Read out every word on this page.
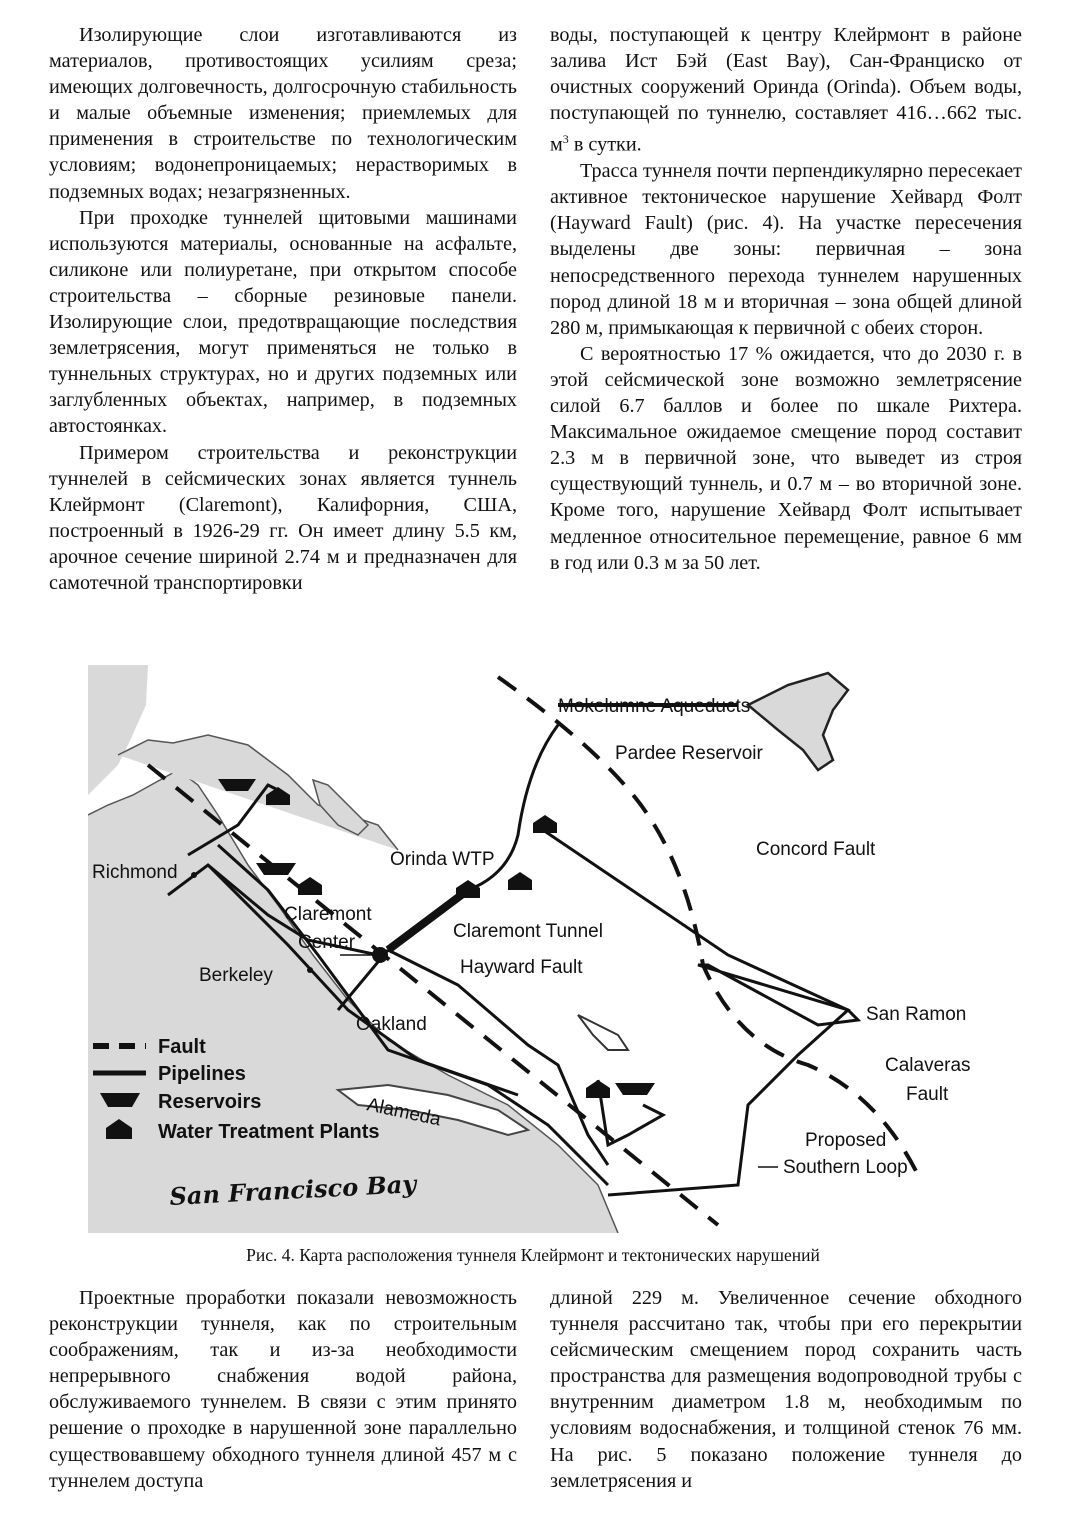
Изолирующие слои изготавливаются из материалов, противостоящих усилиям среза; имеющих долговечность, долгосрочную стабильность и малые объемные изменения; приемлемых для применения в строительстве по технологическим условиям; водонепроницаемых; нерастворимых в подземных водах; незагрязненных.

При проходке туннелей щитовыми машинами используются материалы, основанные на асфальте, силиконе или полиуретане, при открытом способе строительства – сборные резиновые панели. Изолирующие слои, предотвращающие последствия землетрясения, могут применяться не только в туннельных структурах, но и других подземных или заглубленных объектах, например, в подземных автостоянках.

Примером строительства и реконструкции туннелей в сейсмических зонах является туннель Клейрмонт (Claremont), Калифорния, США, построенный в 1926-29 гг. Он имеет длину 5.5 км, арочное сечение шириной 2.74 м и предназначен для самотечной транспортировки

воды, поступающей к центру Клейрмонт в районе залива Ист Бэй (East Bay), Сан-Франциско от очистных сооружений Оринда (Orinda). Объем воды, поступающей по туннелю, составляет 416…662 тыс. $м^3$ в сутки.

Трасса туннеля почти перпендикулярно пересекает активное тектоническое нарушение Хейвард Фолт (Hayward Fault) (рис. 4). На участке пересечения выделены две зоны: первичная – зона непосредственного перехода туннелем нарушенных пород длиной 18 м и вторичная – зона общей длиной 280 м, примыкающая к первичной с обеих сторон.

С вероятностью 17 % ожидается, что до 2030 г. в этой сейсмической зоне возможно землетрясение силой 6.7 баллов и более по шкале Рихтера. Максимальное ожидаемое смещение пород составит 2.3 м в первичной зоне, что выведет из строя существующий туннель, и 0.7 м – во вторичной зоне. Кроме того, нарушение Хейвард Фолт испытывает медленное относительное перемещение, равное 6 мм в год или 0.3 м за 50 лет.

Mokelumne Aqueducts
Pardee Reservoir
Concord Fault
Orinda WTP
Richmond
Claremont
Center
Claremont Tunnel
Hayward Fault
Berkeley
Oakland	San Ramon
Calaveras
Fault
Alameda
Proposed
Southern Loop
San Francisco Bay
Fault
Pipelines
Reservoirs
Water Treatment Plants
Рис. 4. Карта расположения туннеля Клейрмонт и тектонических нарушений

Проектные проработки показали невозможность реконструкции туннеля, как по строительным соображениям, так и из-за необходимости непрерывного снабжения водой района, обслуживаемого туннелем. В связи с этим принято решение о проходке в нарушенной зоне параллельно существовавшему обходного туннеля длиной 457 м с туннелем доступа

длиной 229 м. Увеличенное сечение обходного туннеля рассчитано так, чтобы при его перекрытии сейсмическим смещением пород сохранить часть пространства для размещения водопроводной трубы с внутренним диаметром 1.8 м, необходимым по условиям водоснабжения, и толщиной стенок 76 мм. На рис. 5 показано положение туннеля до землетрясения и
